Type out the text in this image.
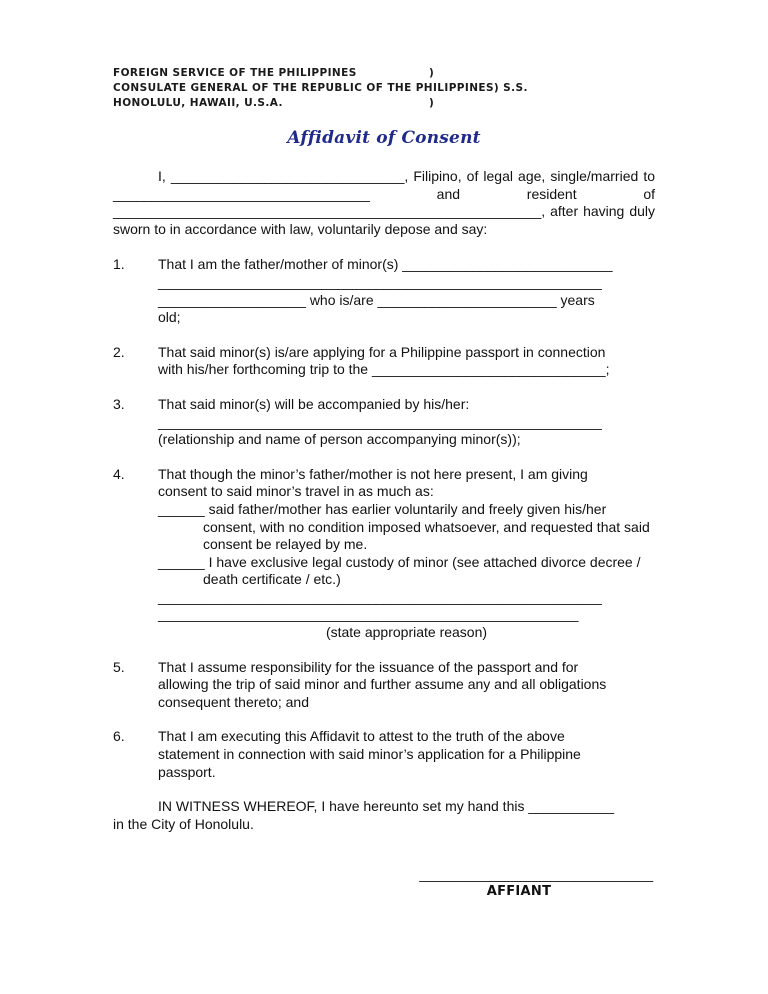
FOREIGN SERVICE OF THE PHILIPPINES	)
CONSULATE GENERAL OF THE REPUBLIC OF THE PHILIPPINES) S.S.
HONOLULU, HAWAII, U.S.A.	)
Affidavit of Consent

I, ______________________________, Filipino, of legal age, single/married to _________________________________ and resident of _______________________________________________________, after having duly sworn to in accordance with law, voluntarily depose and say:

1. That I am the father/mother of minor(s) ___________________________
_________________________________________________________
___________________ who is/are _______________________ years
old;
2. That said minor(s) is/are applying for a Philippine passport in connection
with his/her forthcoming trip to the ______________________________;
3. That said minor(s) will be accompanied by his/her:
_________________________________________________________
(relationship and name of person accompanying minor(s));
4. That though the minor’s father/mother is not here present, I am giving
consent to said minor’s travel in as much as:
______ said father/mother has earlier voluntarily and freely given his/her consent, with no condition imposed whatsoever, and requested that said consent be relayed by me.
______ I have exclusive legal custody of minor (see attached divorce decree / death certificate / etc.)
_________________________________________________________
______________________________________________________
(state appropriate reason)
5. That I assume responsibility for the issuance of the passport and for
allowing the trip of said minor and further assume any and all obligations
consequent thereto; and
6. That I am executing this Affidavit to attest to the truth of the above
statement in connection with said minor’s application for a Philippine
passport.
IN WITNESS WHEREOF, I have hereunto set my hand this ___________
in the City of Honolulu.
______________________________
AFFIANT
